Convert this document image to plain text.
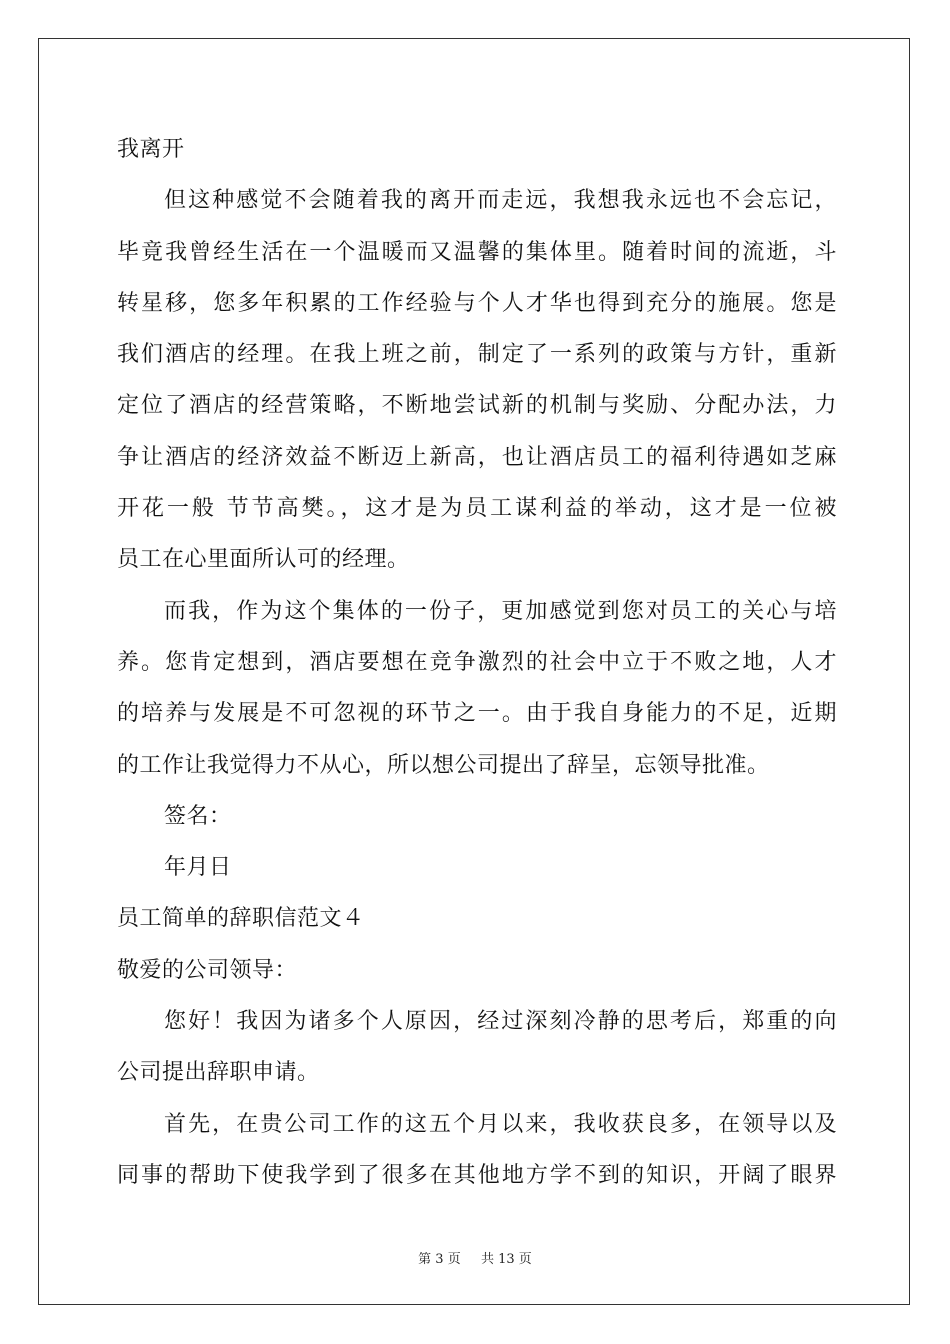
我离开
但这种感觉不会随着我的离开而走远，我想我永远也不会忘记，
毕竟我曾经生活在一个温暖而又温馨的集体里。随着时间的流逝，斗
转星移，您多年积累的工作经验与个人才华也得到充分的施展。您是
我们酒店的经理。在我上班之前，制定了一系列的政策与方针，重新
定位了酒店的经营策略，不断地尝试新的机制与奖励、分配办法，力
争让酒店的经济效益不断迈上新高，也让酒店员工的福利待遇如芝麻
开花一般 节节高樊。，这才是为员工谋利益的举动，这才是一位被
员工在心里面所认可的经理。
而我，作为这个集体的一份子，更加感觉到您对员工的关心与培
养。您肯定想到，酒店要想在竞争激烈的社会中立于不败之地，人才
的培养与发展是不可忽视的环节之一。由于我自身能力的不足，近期
的工作让我觉得力不从心，所以想公司提出了辞呈，忘领导批准。
签名：
年月日
员工简单的辞职信范文４
敬爱的公司领导：
您好！我因为诸多个人原因，经过深刻冷静的思考后，郑重的向
公司提出辞职申请。
首先，在贵公司工作的这五个月以来，我收获良多，在领导以及
同事的帮助下使我学到了很多在其他地方学不到的知识，开阔了眼界
第 3 页 共 13 页
